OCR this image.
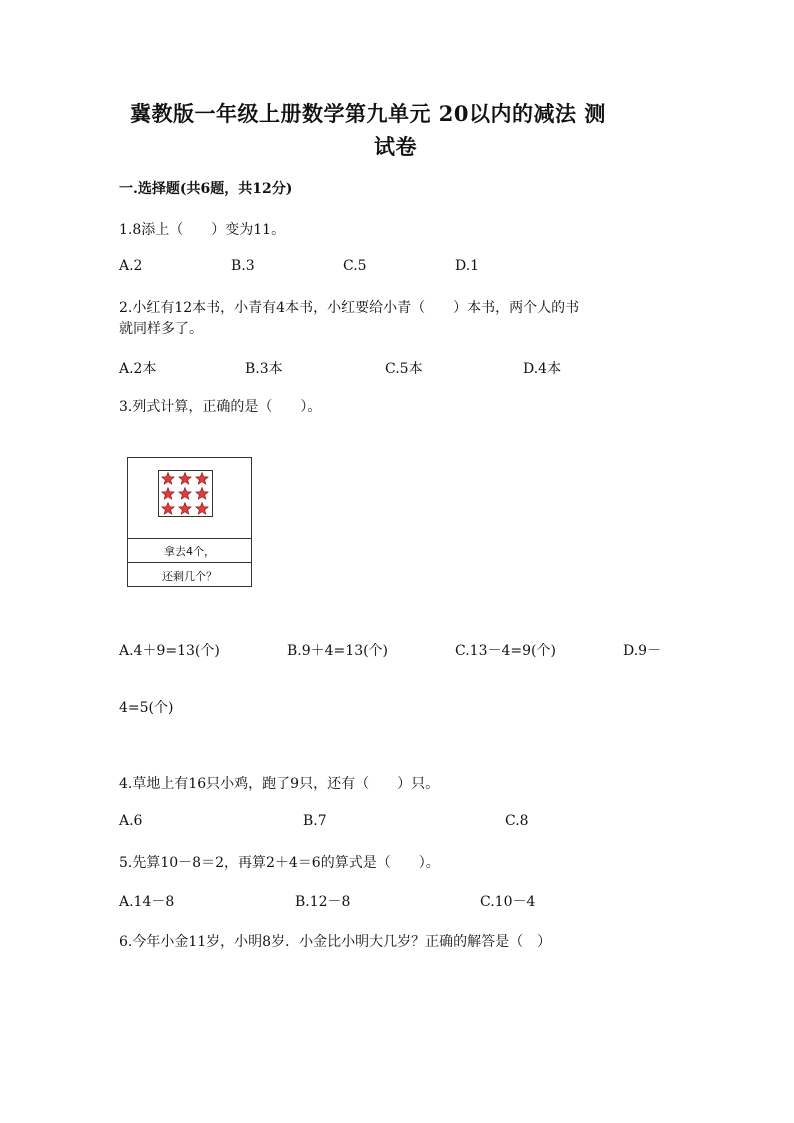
冀教版一年级上册数学第九单元 20以内的减法 测
试卷
一.选择题(共6题，共12分)
1.8添上（　　）变为11。
A.2	B.3	C.5	D.1
2.小红有12本书，小青有4本书，小红要给小青（　　）本书，两个人的书
就同样多了。
A.2本	B.3本	C.5本	D.4本
3.列式计算，正确的是（　　）。
拿去4个，
还剩几个？
A.4＋9=13(个)	B.9＋4=13(个)	C.13－4=9(个)	D.9－
4=5(个)
4.草地上有16只小鸡，跑了9只，还有（　　）只。
A.6	B.7	C.8
5.先算10－8＝2，再算2＋4＝6的算式是（　　）。
A.14－8	B.12－8	C.10－4
6.今年小金11岁，小明8岁．小金比小明大几岁？正确的解答是（　）
